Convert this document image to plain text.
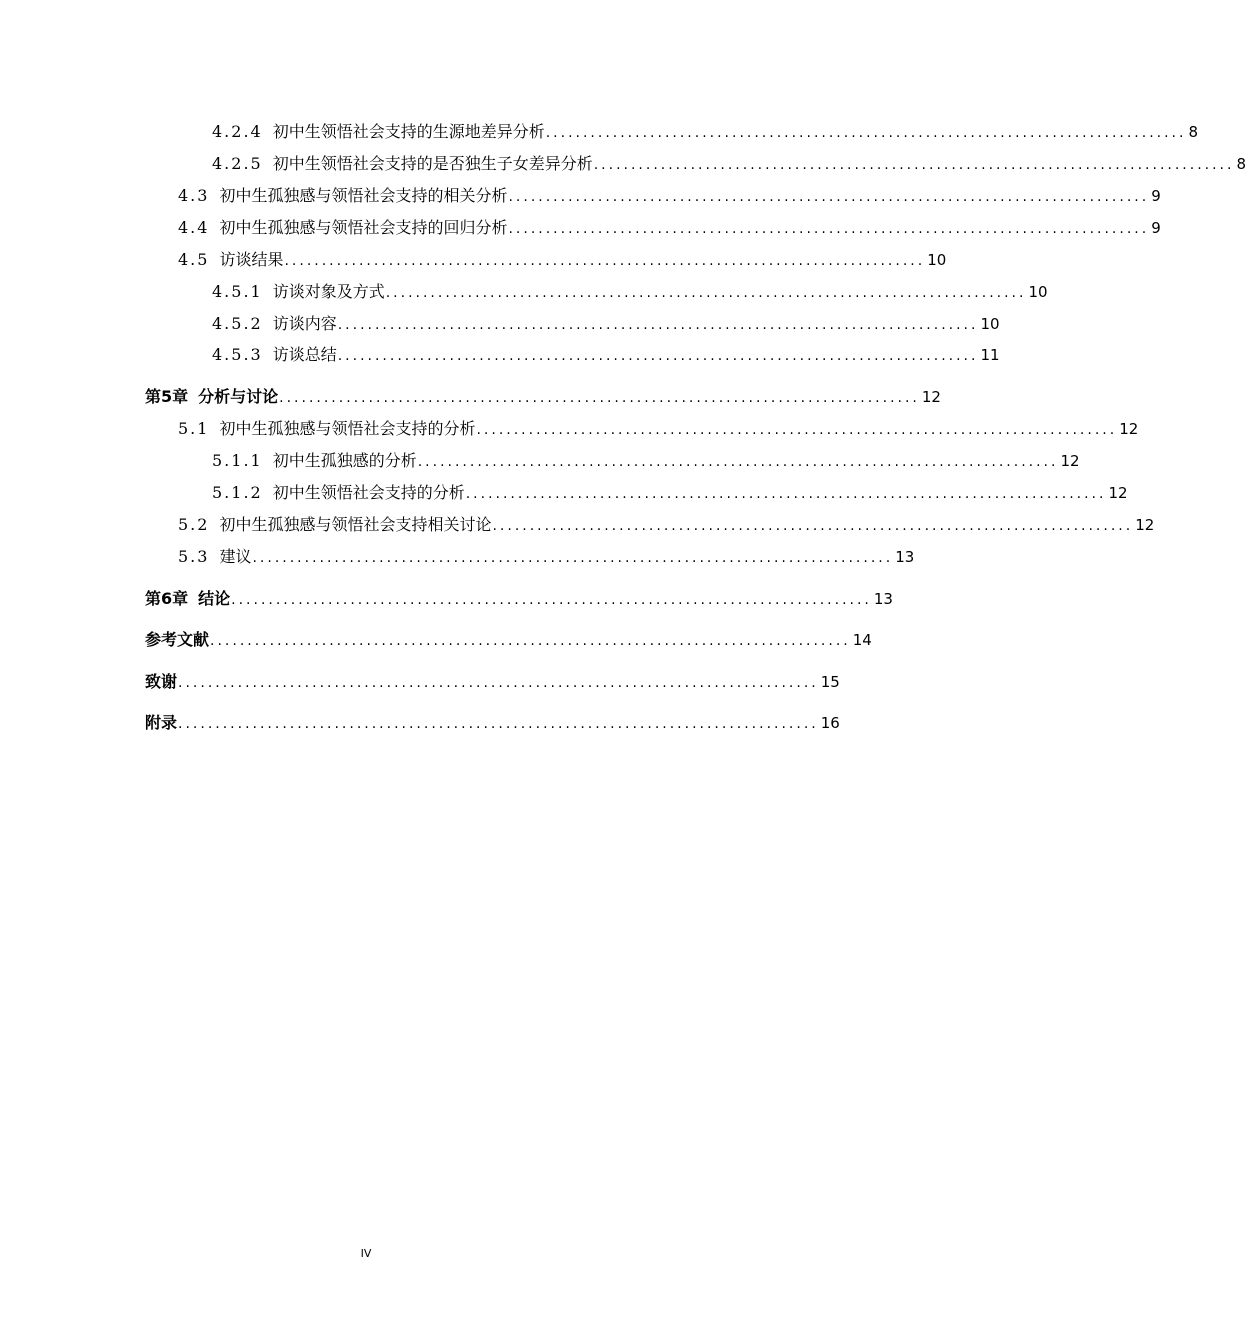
4.2.4 初中生领悟社会支持的生源地差异分析 ...................................................................................... 8
4.2.5 初中生领悟社会支持的是否独生子女差异分析 ...................................................................................... 8
4.3 初中生孤独感与领悟社会支持的相关分析 ...................................................................................... 9
4.4 初中生孤独感与领悟社会支持的回归分析 ...................................................................................... 9
4.5 访谈结果 ...................................................................................... 10
4.5.1 访谈对象及方式 ...................................................................................... 10
4.5.2 访谈内容 ...................................................................................... 10
4.5.3 访谈总结 ...................................................................................... 11
第5章 分析与讨论 ...................................................................................... 12
5.1 初中生孤独感与领悟社会支持的分析 ...................................................................................... 12
5.1.1 初中生孤独感的分析 ...................................................................................... 12
5.1.2 初中生领悟社会支持的分析 ...................................................................................... 12
5.2 初中生孤独感与领悟社会支持相关讨论 ...................................................................................... 12
5.3 建议 ...................................................................................... 13
第6章 结论 ...................................................................................... 13
参考文献 ...................................................................................... 14
致谢 ...................................................................................... 15
附录 ...................................................................................... 16
IV
